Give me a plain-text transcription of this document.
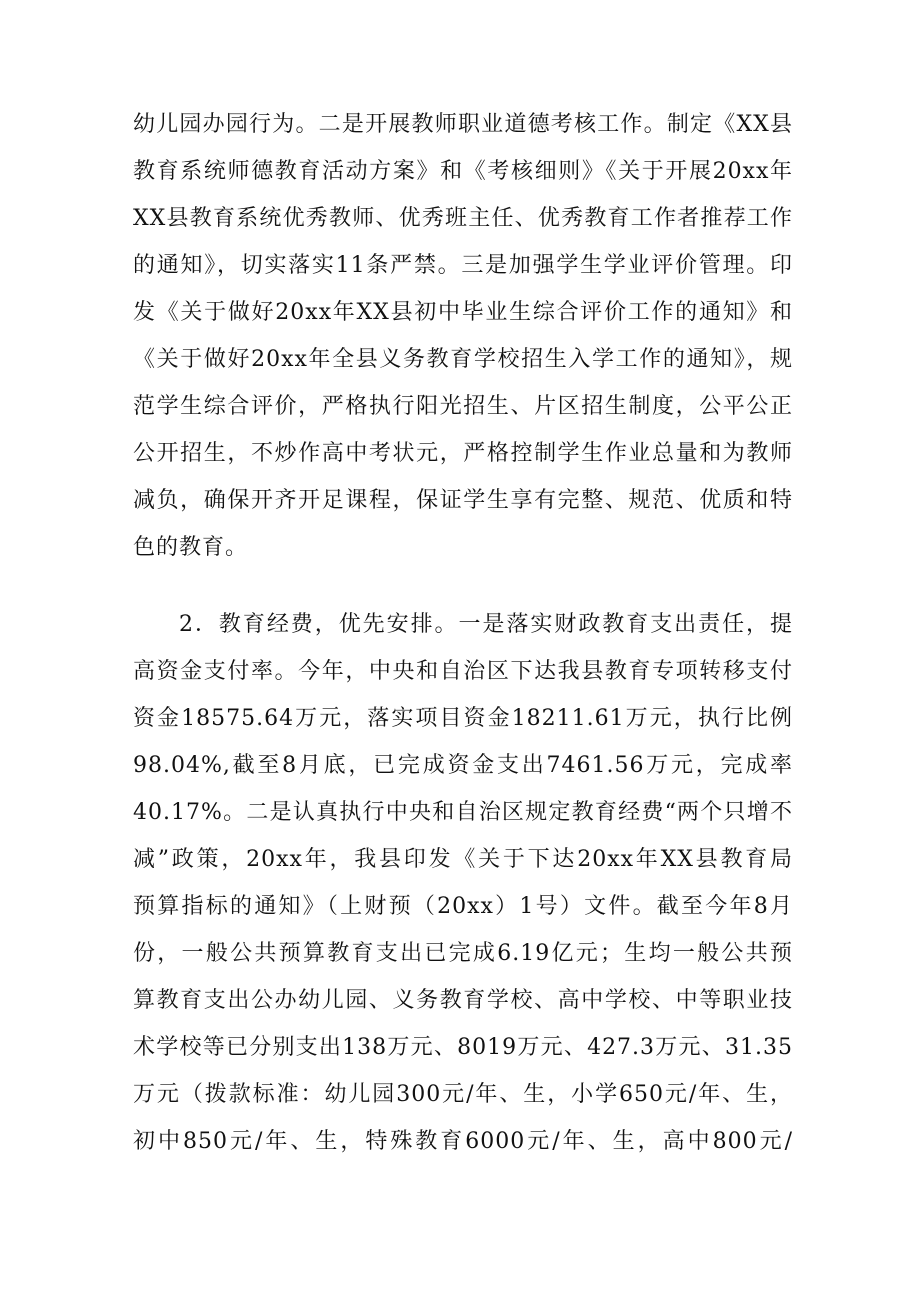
幼儿园办园行为。二是开展教师职业道德考核工作。制定《XX县
教育系统师德教育活动方案》和《考核细则》《关于开展20xx年
XX县教育系统优秀教师、优秀班主任、优秀教育工作者推荐工作
的通知》，切实落实11条严禁。三是加强学生学业评价管理。印
发《关于做好20xx年XX县初中毕业生综合评价工作的通知》和
《关于做好20xx年全县义务教育学校招生入学工作的通知》，规
范学生综合评价，严格执行阳光招生、片区招生制度，公平公正
公开招生，不炒作高中考状元，严格控制学生作业总量和为教师
减负，确保开齐开足课程，保证学生享有完整、规范、优质和特
色的教育。
2．教育经费，优先安排。一是落实财政教育支出责任，提
高资金支付率。今年，中央和自治区下达我县教育专项转移支付
资金18575.64万元，落实项目资金18211.61万元，执行比例
98.04%,截至8月底，已完成资金支出7461.56万元，完成率
40.17%。二是认真执行中央和自治区规定教育经费“两个只增不
减”政策，20xx年，我县印发《关于下达20xx年XX县教育局
预算指标的通知》（上财预（20xx）1号）文件。截至今年8月
份，一般公共预算教育支出已完成6.19亿元；生均一般公共预
算教育支出公办幼儿园、义务教育学校、高中学校、中等职业技
术学校等已分别支出138万元、8019万元、427.3万元、31.35
万元（拨款标准：幼儿园300元/年、生，小学650元/年、生，
初中850元/年、生，特殊教育6000元/年、生，高中800元/
